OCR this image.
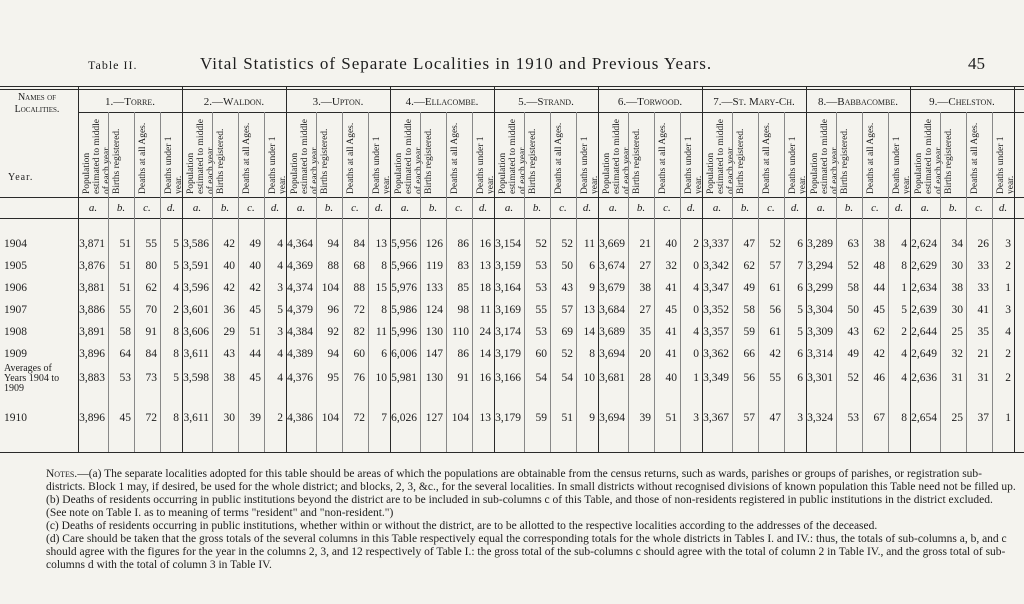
Table II.	Vital Statistics of Separate Localities in 1910 and Previous Years.	45
Names of Localities.
Year.

Notes.—(a) The separate localities adopted for this table should be areas of which the populations are obtainable from the census returns, such as wards, parishes or groups of parishes, or registration sub-districts. Block 1 may, if desired, be used for the whole district; and blocks, 2, 3, &c., for the several localities. In small districts without recognised divisions of known population this Table need not be filled up.

(b) Deaths of residents occurring in public institutions beyond the district are to be included in sub-columns c of this Table, and those of non-residents registered in public institutions in the district excluded. (See note on Table I. as to meaning of terms "resident" and "non-resident.")

(c) Deaths of residents occurring in public institutions, whether within or without the district, are to be allotted to the respective localities according to the addresses of the deceased.

(d) Care should be taken that the gross totals of the several columns in this Table respectively equal the corresponding totals for the whole districts in Tables I. and IV.: thus, the totals of sub-columns a, b, and c should agree with the figures for the year in the columns 2, 3, and 12 respectively of Table I.: the gross total of the sub-columns c should agree with the total of column 2 in Table IV., and the gross total of sub-columns d with the total of column 3 in Table IV.

1.—Torre.
Population estimated to middle of each year.
a.
3,871
3,876
3,881
3,886
3,891
3,896
3,883
3,896
Births registered.
b.
51
51
51
55
58
64
53
45
Deaths at all Ages.
c.
55
80
62
70
91
84
73
72
Deaths under 1 year.
d.
5
5
4
2
8
8
5
8
2.—Waldon.
Population estimated to middle of each year.
a.
3,586
3,591
3,596
3,601
3,606
3,611
3,598
3,611
Births registered.
b.
42
40
42
36
29
43
38
30
Deaths at all Ages.
c.
49
40
42
45
51
44
45
39
Deaths under 1 year.
d.
4
4
3
5
3
4
4
2
3.—Upton.
Population estimated to middle of each year.
a.
4,364
4,369
4,374
4,379
4,384
4,389
4,376
4,386
Births registered.
b.
94
88
104
96
92
94
95
104
Deaths at all Ages.
c.
84
68
88
72
82
60
76
72
Deaths under 1 year.
d.
13
8
15
8
11
6
10
7
4.—Ellacombe.
Population estimated to middle of each year.
a.
5,956
5,966
5,976
5,986
5,996
6,006
5,981
6,026
Births registered.
b.
126
119
133
124
130
147
130
127
Deaths at all Ages.
c.
86
83
85
98
110
86
91
104
Deaths under 1 year.
d.
16
13
18
11
24
14
16
13
5.—Strand.
Population estimated to middle of each year.
a.
3,154
3,159
3,164
3,169
3,174
3,179
3,166
3,179
Births registered.
b.
52
53
53
55
53
60
54
59
Deaths at all Ages.
c.
52
50
43
57
69
52
54
51
Deaths under 1 year.
d.
11
6
9
13
14
8
10
9
6.—Torwood.
Population estimated to middle of each year.
a.
3,669
3,674
3,679
3,684
3,689
3,694
3,681
3,694
Births registered.
b.
21
27
38
27
35
20
28
39
Deaths at all Ages.
c.
40
32
41
45
41
41
40
51
Deaths under 1 year.
d.
2
0
4
0
4
0
1
3
7.—St. Mary-Ch.
Population estimated to middle of each year.
a.
3,337
3,342
3,347
3,352
3,357
3,362
3,349
3,367
Births registered.
b.
47
62
49
58
59
66
56
57
Deaths at all Ages.
c.
52
57
61
56
61
42
55
47
Deaths under 1 year.
d.
6
7
6
5
5
6
6
3
8.—Babbacombe.
Population estimated to middle of each year.
a.
3,289
3,294
3,299
3,304
3,309
3,314
3,301
3,324
Births registered.
b.
63
52
58
50
43
49
52
53
Deaths at all Ages.
c.
38
48
44
45
62
42
46
67
Deaths under 1 year.
d.
4
8
1
5
2
4
4
8
9.—Chelston.
Population estimated to middle of each year.
a.
2,624
2,629
2,634
2,639
2,644
2,649
2,636
2,654
Births registered.
b.
34
30
38
30
25
32
31
25
Deaths at all Ages.
c.
26
33
33
41
35
21
31
37
Deaths under 1 year.
d.
3
2
1
3
4
2
2
1
1904
1905
1906
1907
1908
1909
Averages of Years 1904 to 1909
1910
